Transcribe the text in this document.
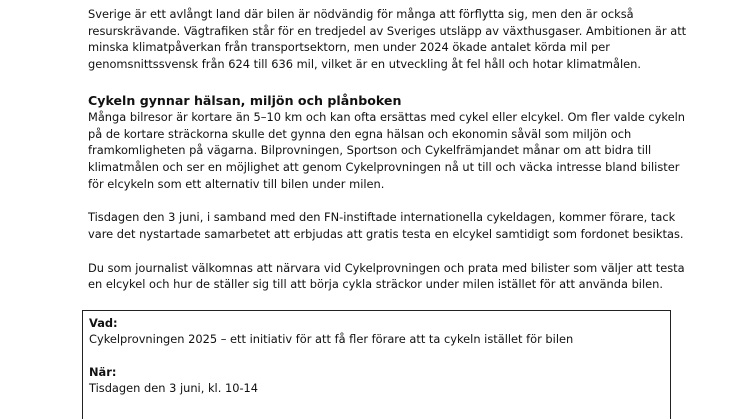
Sverige är ett avlångt land där bilen är nödvändig för många att förflytta sig, men den är också
resurskrävande. Vägtrafiken står för en tredjedel av Sveriges utsläpp av växthusgaser. Ambitionen är att
minska klimatpåverkan från transportsektorn, men under 2024 ökade antalet körda mil per
genomsnittssvensk från 624 till 636 mil, vilket är en utveckling åt fel håll och hotar klimatmålen.

Cykeln gynnar hälsan, miljön och plånboken

Många bilresor är kortare än 5–10 km och kan ofta ersättas med cykel eller elcykel. Om fler valde cykeln
på de kortare sträckorna skulle det gynna den egna hälsan och ekonomin såväl som miljön och
framkomligheten på vägarna. Bilprovningen, Sportson och Cykelfrämjandet månar om att bidra till
klimatmålen och ser en möjlighet att genom Cykelprovningen nå ut till och väcka intresse bland bilister
för elcykeln som ett alternativ till bilen under milen.

Tisdagen den 3 juni, i samband med den FN-instiftade internationella cykeldagen, kommer förare, tack
vare det nystartade samarbetet att erbjudas att gratis testa en elcykel samtidigt som fordonet besiktas.

Du som journalist välkomnas att närvara vid Cykelprovningen och prata med bilister som väljer att testa
en elcykel och hur de ställer sig till att börja cykla sträckor under milen istället för att använda bilen.

Vad:
Cykelprovningen 2025 – ett initiativ för att få fler förare att ta cykeln istället för bilen
När:
Tisdagen den 3 juni, kl. 10-14
